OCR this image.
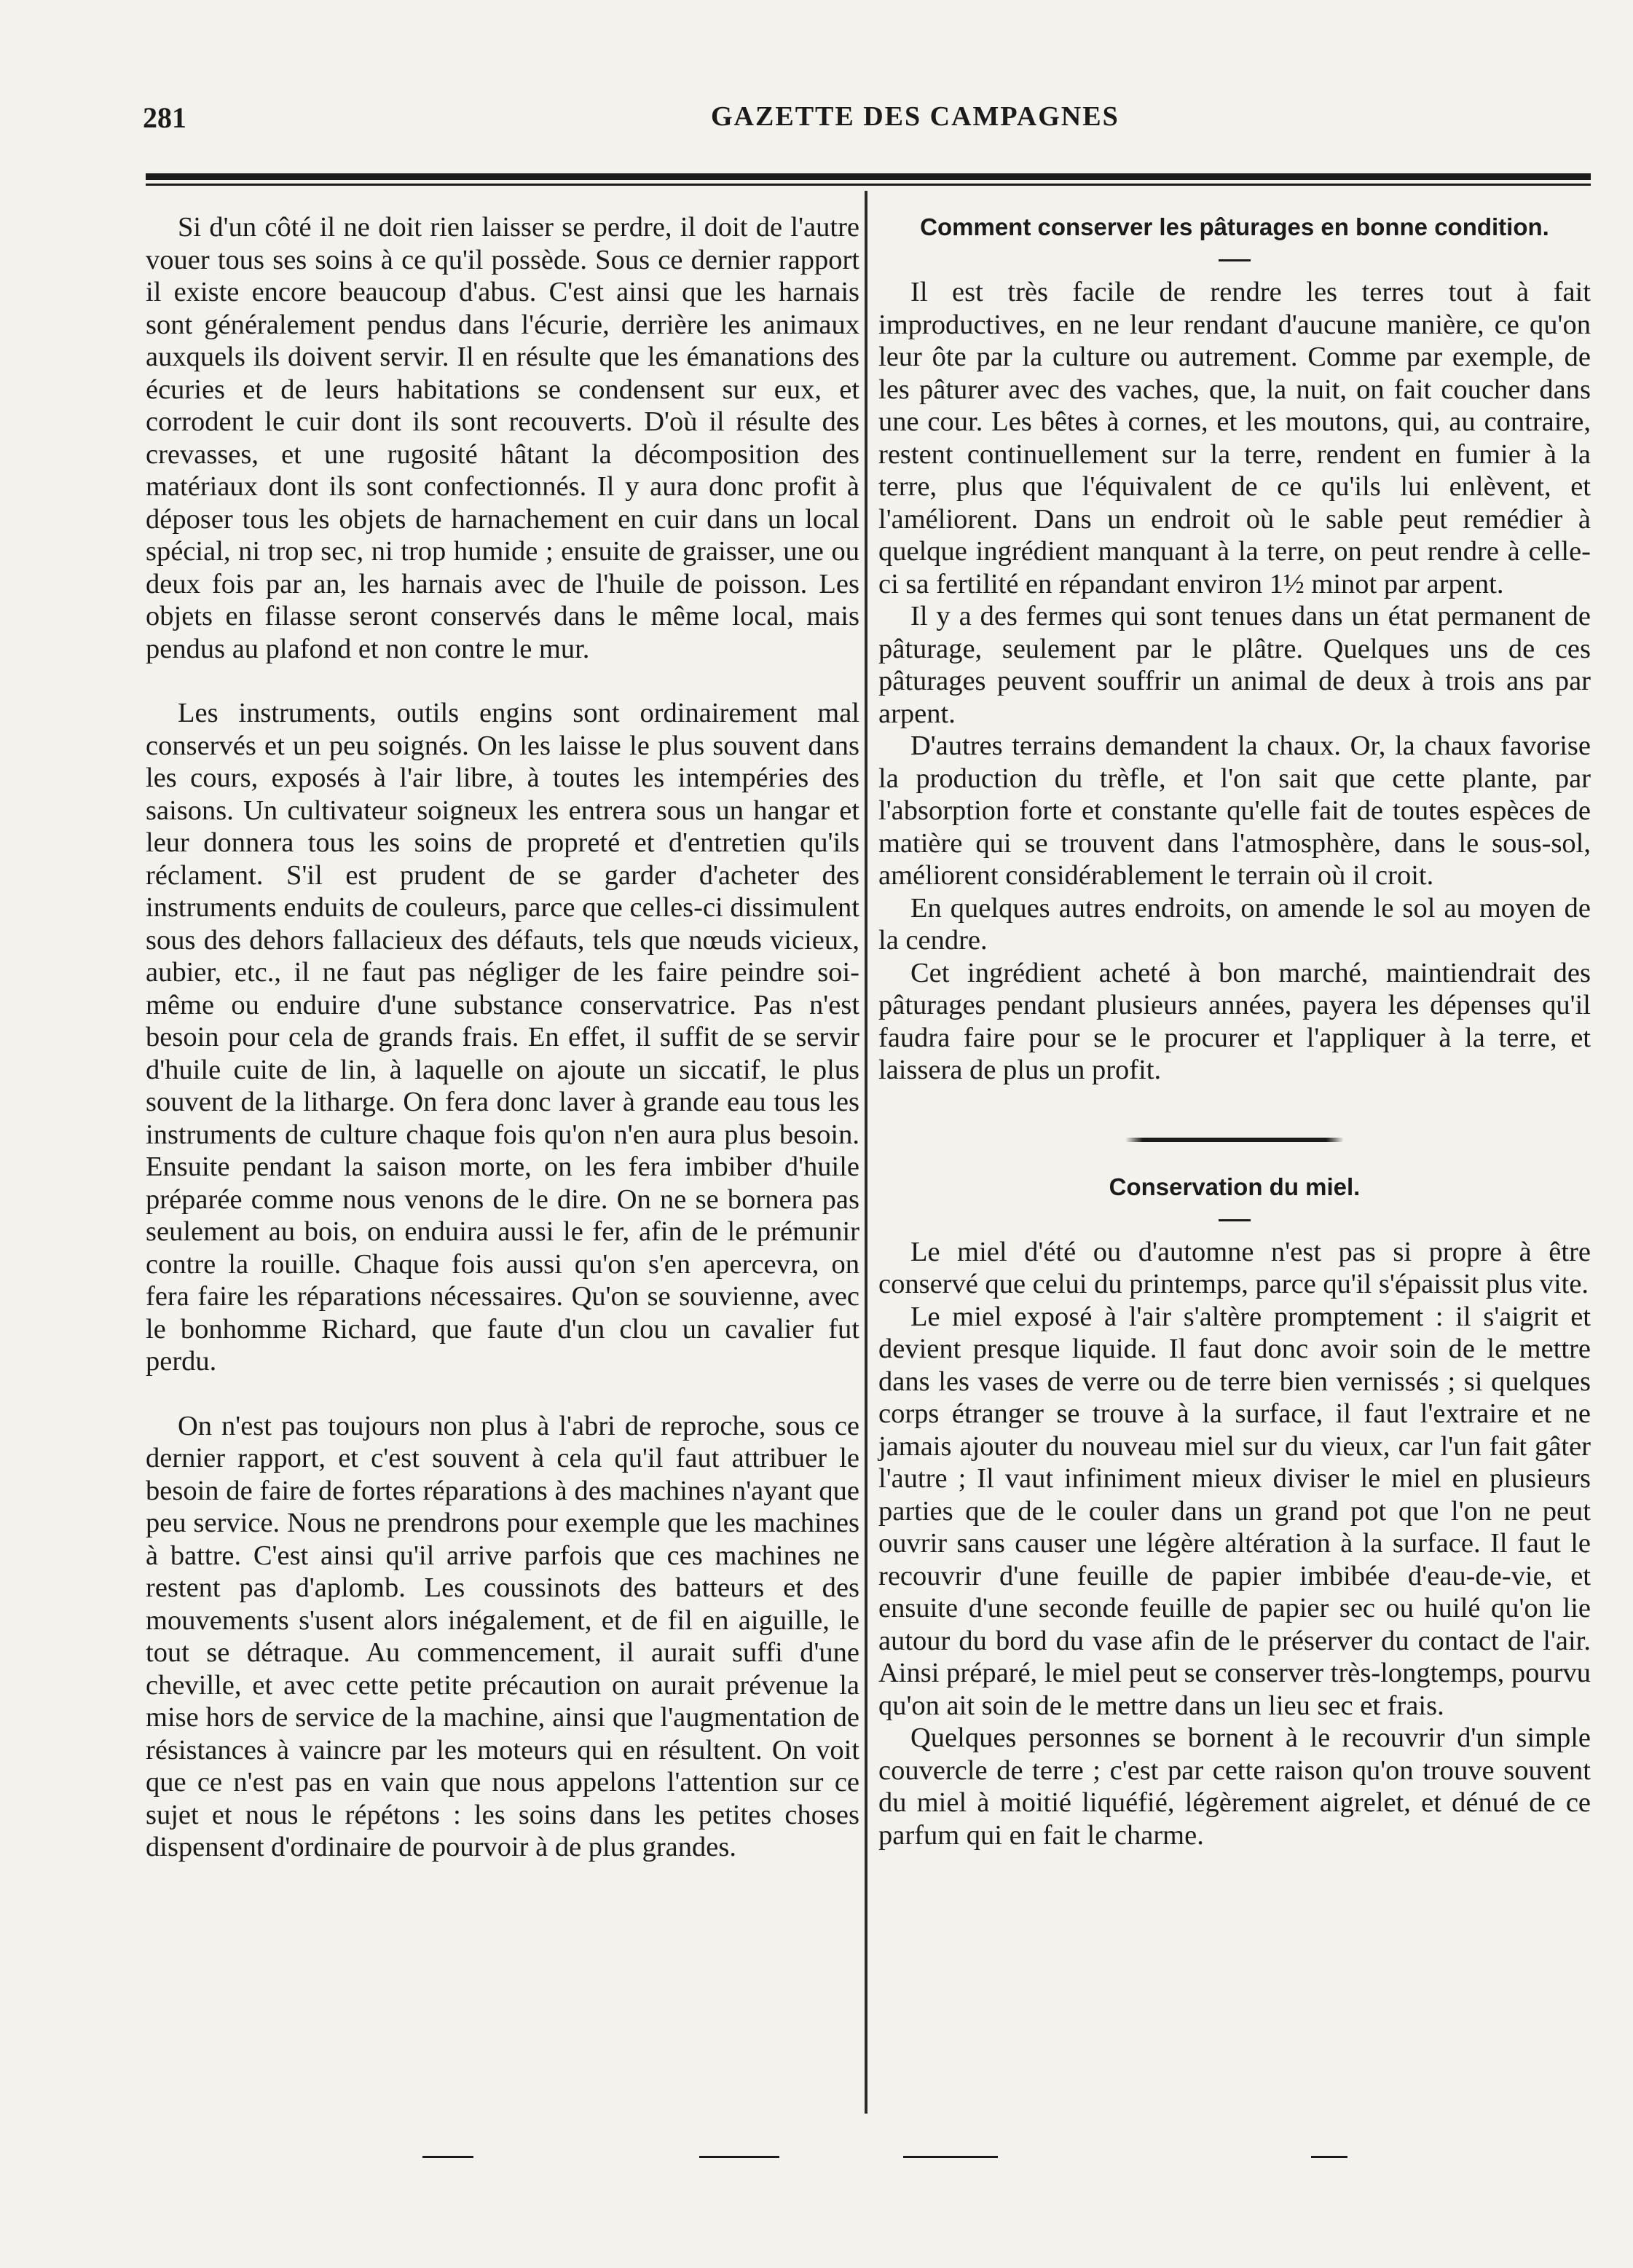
281	GAZETTE DES CAMPAGNES

Si d'un côté il ne doit rien laisser se perdre, il doit de l'autre vouer tous ses soins à ce qu'il possède. Sous ce dernier rapport il existe encore beaucoup d'abus. C'est ainsi que les harnais sont généralement pendus dans l'écurie, derrière les animaux auxquels ils doivent servir. Il en résulte que les émanations des écuries et de leurs habitations se condensent sur eux, et corrodent le cuir dont ils sont recouverts. D'où il résulte des crevasses, et une rugosité hâtant la décomposition des matériaux dont ils sont confectionnés. Il y aura donc profit à déposer tous les objets de harnachement en cuir dans un local spécial, ni trop sec, ni trop humide ; ensuite de graisser, une ou deux fois par an, les harnais avec de l'huile de poisson. Les objets en filasse seront conservés dans le même local, mais pendus au plafond et non contre le mur.

Les instruments, outils engins sont ordinairement mal conservés et un peu soignés. On les laisse le plus souvent dans les cours, exposés à l'air libre, à toutes les intempéries des saisons. Un cultivateur soigneux les entrera sous un hangar et leur donnera tous les soins de propreté et d'entretien qu'ils réclament. S'il est prudent de se garder d'acheter des instruments enduits de couleurs, parce que celles-ci dissimulent sous des dehors fallacieux des défauts, tels que nœuds vicieux, aubier, etc., il ne faut pas négliger de les faire peindre soi-même ou enduire d'une substance conservatrice. Pas n'est besoin pour cela de grands frais. En effet, il suffit de se servir d'huile cuite de lin, à laquelle on ajoute un siccatif, le plus souvent de la litharge. On fera donc laver à grande eau tous les instruments de culture chaque fois qu'on n'en aura plus besoin. Ensuite pendant la saison morte, on les fera imbiber d'huile préparée comme nous venons de le dire. On ne se bornera pas seulement au bois, on enduira aussi le fer, afin de le prémunir contre la rouille. Chaque fois aussi qu'on s'en apercevra, on fera faire les réparations nécessaires. Qu'on se souvienne, avec le bonhomme Richard, que faute d'un clou un cavalier fut perdu.

On n'est pas toujours non plus à l'abri de reproche, sous ce dernier rapport, et c'est souvent à cela qu'il faut attribuer le besoin de faire de fortes réparations à des machines n'ayant que peu service. Nous ne prendrons pour exemple que les machines à battre. C'est ainsi qu'il arrive parfois que ces machines ne restent pas d'aplomb. Les coussinots des batteurs et des mouvements s'usent alors inégalement, et de fil en aiguille, le tout se détraque. Au commencement, il aurait suffi d'une cheville, et avec cette petite précaution on aurait prévenue la mise hors de service de la machine, ainsi que l'augmentation de résistances à vaincre par les moteurs qui en résultent. On voit que ce n'est pas en vain que nous appelons l'attention sur ce sujet et nous le répétons : les soins dans les petites choses dispensent d'ordinaire de pourvoir à de plus grandes.

Comment conserver les pâturages en bonne condition.

Il est très facile de rendre les terres tout à fait improductives, en ne leur rendant d'aucune manière, ce qu'on leur ôte par la culture ou autrement. Comme par exemple, de les pâturer avec des vaches, que, la nuit, on fait coucher dans une cour. Les bêtes à cornes, et les moutons, qui, au contraire, restent continuellement sur la terre, rendent en fumier à la terre, plus que l'équivalent de ce qu'ils lui enlèvent, et l'améliorent. Dans un endroit où le sable peut remédier à quelque ingrédient manquant à la terre, on peut rendre à celle-ci sa fertilité en répandant environ 1½ minot par arpent.

Il y a des fermes qui sont tenues dans un état permanent de pâturage, seulement par le plâtre. Quelques uns de ces pâturages peuvent souffrir un animal de deux à trois ans par arpent.

D'autres terrains demandent la chaux. Or, la chaux favorise la production du trèfle, et l'on sait que cette plante, par l'absorption forte et constante qu'elle fait de toutes espèces de matière qui se trouvent dans l'atmosphère, dans le sous-sol, améliorent considérablement le terrain où il croit.

En quelques autres endroits, on amende le sol au moyen de la cendre.

Cet ingrédient acheté à bon marché, maintiendrait des pâturages pendant plusieurs années, payera les dépenses qu'il faudra faire pour se le procurer et l'appliquer à la terre, et laissera de plus un profit.

Conservation du miel.

Le miel d'été ou d'automne n'est pas si propre à être conservé que celui du printemps, parce qu'il s'épaissit plus vite.

Le miel exposé à l'air s'altère promptement : il s'aigrit et devient presque liquide. Il faut donc avoir soin de le mettre dans les vases de verre ou de terre bien vernissés ; si quelques corps étranger se trouve à la surface, il faut l'extraire et ne jamais ajouter du nouveau miel sur du vieux, car l'un fait gâter l'autre ; Il vaut infiniment mieux diviser le miel en plusieurs parties que de le couler dans un grand pot que l'on ne peut ouvrir sans causer une légère altération à la surface. Il faut le recouvrir d'une feuille de papier imbibée d'eau-de-vie, et ensuite d'une seconde feuille de papier sec ou huilé qu'on lie autour du bord du vase afin de le préserver du contact de l'air. Ainsi préparé, le miel peut se conserver très-longtemps, pourvu qu'on ait soin de le mettre dans un lieu sec et frais.

Quelques personnes se bornent à le recouvrir d'un simple couvercle de terre ; c'est par cette raison qu'on trouve souvent du miel à moitié liquéfié, légèrement aigrelet, et dénué de ce parfum qui en fait le charme.
